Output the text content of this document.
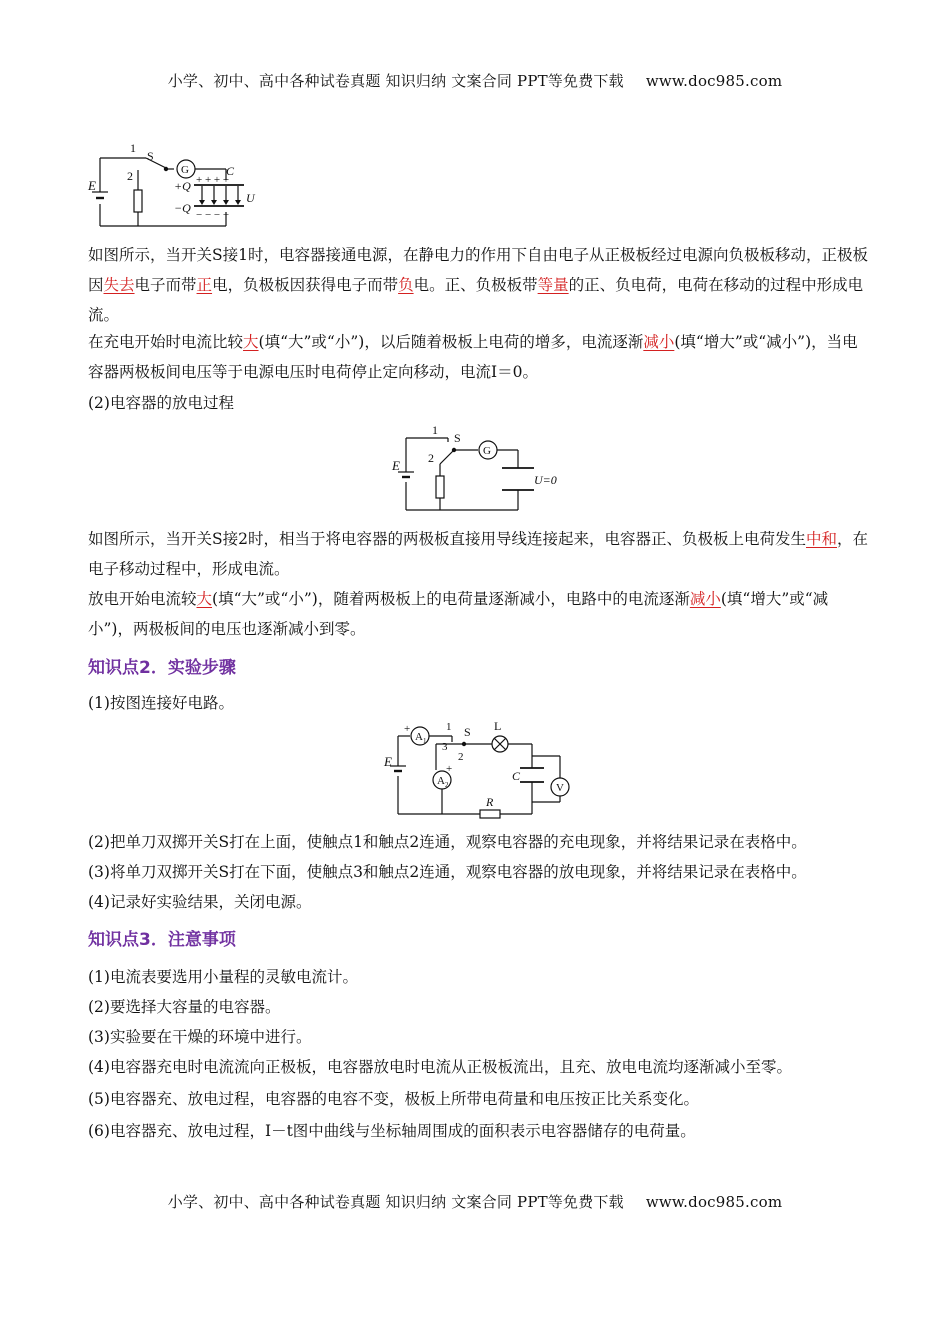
小学、初中、高中各种试卷真题 知识归纳 文案合同 PPT等免费下载 www.doc985.com
E
1
2
S
G	C
+Q
−Q
+ + + +
− − − −
U

如图所示，当开关S接1时，电容器接通电源，在静电力的作用下自由电子从正极板经过电源向负极板移动，正极板因失去电子而带正电，负极板因获得电子而带负电。正、负极板带等量的正、负电荷，电荷在移动的过程中形成电流。

在充电开始时电流比较大(填“大”或“小”)，以后随着极板上电荷的增多，电流逐渐减小(填“增大”或“减小”)，当电容器两极板间电压等于电源电压时电荷停止定向移动，电流I＝0。

(2)电容器的放电过程

E
1
2
S
G
U=0

如图所示，当开关S接2时，相当于将电容器的两极板直接用导线连接起来，电容器正、负极板上电荷发生中和，在电子移动过程中，形成电流。

放电开始电流较大(填“大”或“小”)，随着两极板上的电荷量逐渐减小，电路中的电流逐渐减小(填“增大”或“减小”)，两极板间的电压也逐渐减小到零。

知识点2．实验步骤

(1)按图连接好电路。

E
+
A 1
1
3
2
S L
C
V
+
A 2
R

(2)把单刀双掷开关S打在上面，使触点1和触点2连通，观察电容器的充电现象，并将结果记录在表格中。

(3)将单刀双掷开关S打在下面，使触点3和触点2连通，观察电容器的放电现象，并将结果记录在表格中。

(4)记录好实验结果，关闭电源。

知识点3．注意事项

(1)电流表要选用小量程的灵敏电流计。

(2)要选择大容量的电容器。

(3)实验要在干燥的环境中进行。

(4)电容器充电时电流流向正极板，电容器放电时电流从正极板流出，且充、放电电流均逐渐减小至零。

(5)电容器充、放电过程，电容器的电容不变，极板上所带电荷量和电压按正比关系变化。

(6)电容器充、放电过程，I－t图中曲线与坐标轴周围成的面积表示电容器储存的电荷量。

小学、初中、高中各种试卷真题 知识归纳 文案合同 PPT等免费下载 www.doc985.com
